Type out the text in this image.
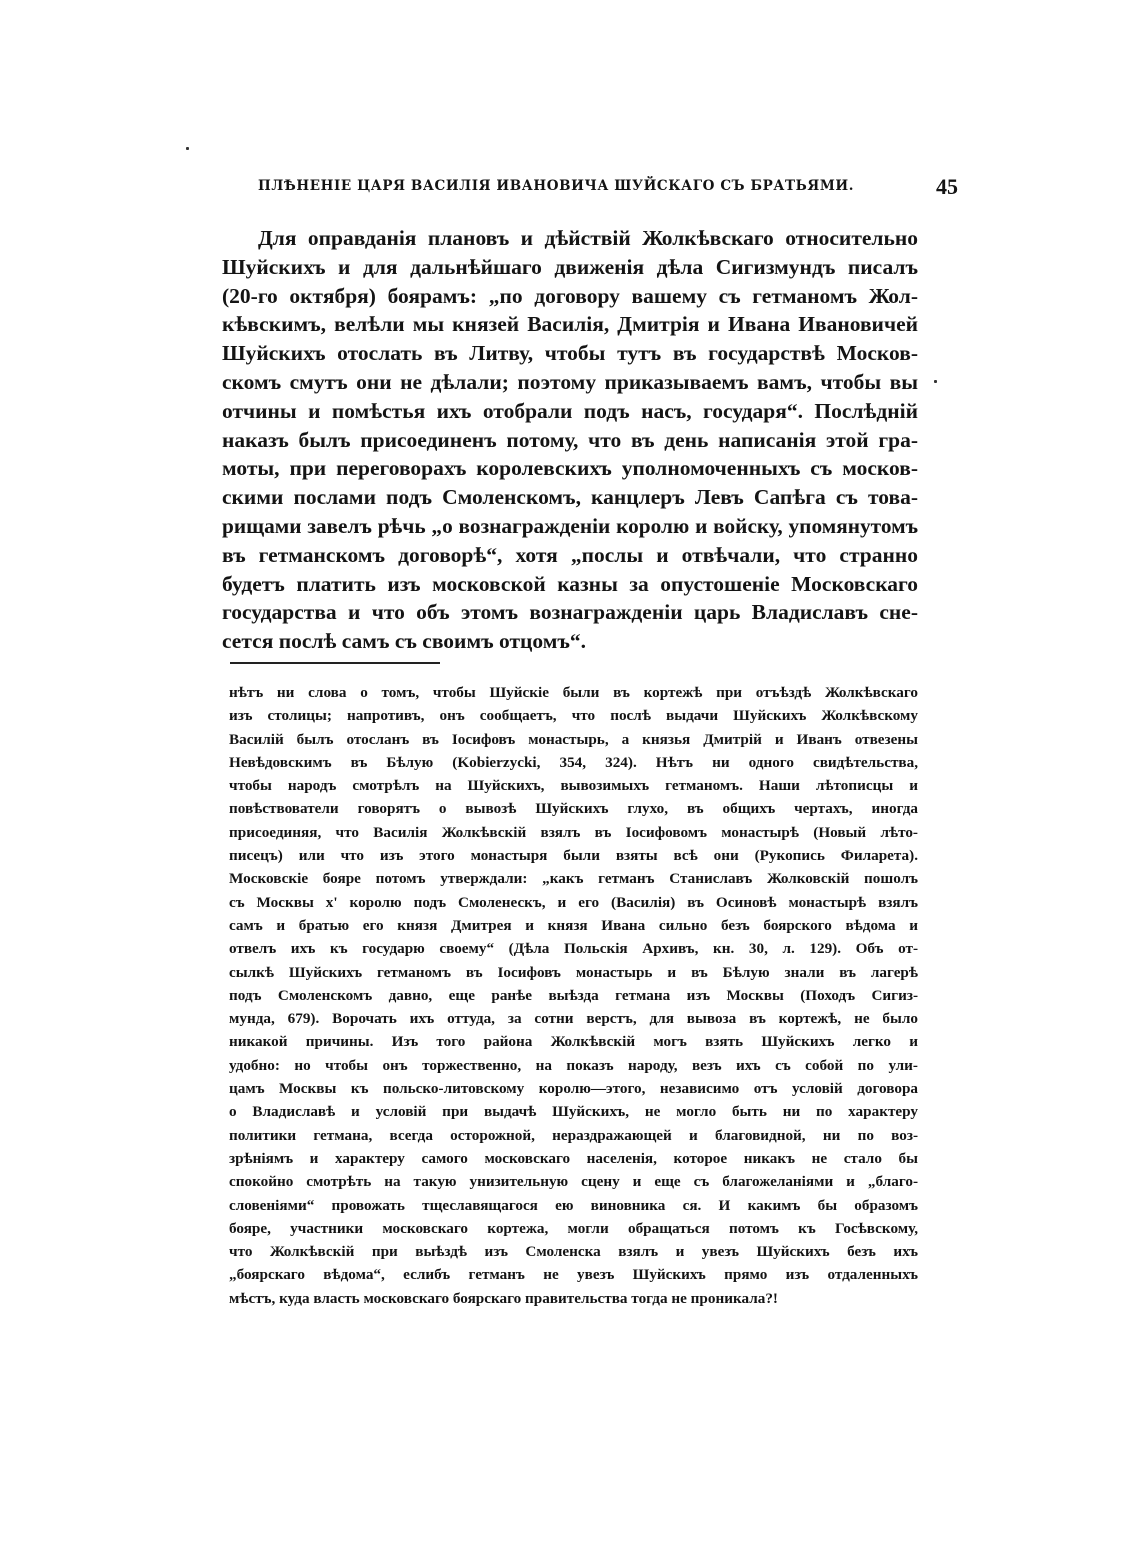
ПЛѢНЕНІЕ ЦАРЯ ВАСИЛІЯ ИВАНОВИЧА ШУЙСКАГО СЪ БРАТЬЯМИ.	45
Для оправданія плановъ и дѣйствій Жолкѣвскаго относительно
Шуйскихъ и для дальнѣйшаго движенія дѣла Сигизмундъ писалъ
(20-го октября) боярамъ: „по договору вашему съ гетманомъ Жол-
кѣвскимъ, велѣли мы князей Василія, Дмитрія и Ивана Ивановичей
Шуйскихъ отослать въ Литву, чтобы тутъ въ государствѣ Москов-
скомъ смутъ они не дѣлали; поэтому приказываемъ вамъ, чтобы вы
отчины и помѣстья ихъ отобрали подъ насъ, государя“. Послѣдній
наказъ былъ присоединенъ потому, что въ день написанія этой гра-
моты, при переговорахъ королевскихъ уполномоченныхъ съ москов-
скими послами подъ Смоленскомъ, канцлеръ Левъ Сапѣга съ това-
рищами завелъ рѣчь „о вознагражденіи королю и войску, упомянутомъ
въ гетманскомъ договорѣ“, хотя „послы и отвѣчали, что странно
будетъ платить изъ московской казны за опустошеніе Московскаго
государства и что объ этомъ вознагражденіи царь Владиславъ сне-
сется послѣ самъ съ своимъ отцомъ“.
нѣтъ ни слова о томъ, чтобы Шуйскіе были въ кортежѣ при отъѣздѣ Жолкѣвскаго
изъ столицы; напротивъ, онъ сообщаетъ, что послѣ выдачи Шуйскихъ Жолкѣвскому
Василій былъ отосланъ въ Іосифовъ монастырь, а князья Дмитрій и Иванъ отвезены
Невѣдовскимъ въ Бѣлую (Kobierzycki, 354, 324). Нѣтъ ни одного свидѣтельства,
чтобы народъ смотрѣлъ на Шуйскихъ, вывозимыхъ гетманомъ. Наши лѣтописцы и
повѣствователи говорятъ о вывозѣ Шуйскихъ глухо, въ общихъ чертахъ, иногда
присоединяя, что Василія Жолкѣвскій взялъ въ Іосифовомъ монастырѣ (Новый лѣто-
писецъ) или что изъ этого монастыря были взяты всѣ они (Рукопись Филарета).
Московскіе бояре потомъ утверждали: „какъ гетманъ Станиславъ Жолковскій пошолъ
съ Москвы х' королю подъ Смоленескъ, и его (Василія) въ Осиновѣ монастырѣ взялъ
самъ и братью его князя Дмитрея и князя Ивана сильно безъ боярского вѣдома и
отвелъ ихъ къ государю своему“ (Дѣла Польскія Архивъ, кн. 30, л. 129). Объ от-
сылкѣ Шуйскихъ гетманомъ въ Іосифовъ монастырь и въ Бѣлую знали въ лагерѣ
подъ Смоленскомъ давно, еще ранѣе выѣзда гетмана изъ Москвы (Походъ Сигиз-
мунда, 679). Ворочать ихъ оттуда, за сотни верстъ, для вывоза въ кортежѣ, не было
никакой причины. Изъ того района Жолкѣвскій могъ взять Шуйскихъ легко и
удобно: но чтобы онъ торжественно, на показъ народу, везъ ихъ съ собой по ули-
цамъ Москвы къ польско-литовскому королю—этого, независимо отъ условій договора
о Владиславѣ и условій при выдачѣ Шуйскихъ, не могло быть ни по характеру
политики гетмана, всегда осторожной, нераздражающей и благовидной, ни по воз-
зрѣніямъ и характеру самого московскаго населенія, которое никакъ не стало бы
спокойно смотрѣть на такую унизительную сцену и еще съ благожеланіями и „благо-
словеніями“ провожать тщеславящагося ею виновника ся. И какимъ бы образомъ
бояре, участники московскаго кортежа, могли обращаться потомъ къ Госѣвскому,
что Жолкѣвскій при выѣздѣ изъ Смоленска взялъ и увезъ Шуйскихъ безъ ихъ
„боярскаго вѣдома“, еслибъ гетманъ не увезъ Шуйскихъ прямо изъ отдаленныхъ
мѣстъ, куда власть московскаго боярскаго правительства тогда не проникала?!
